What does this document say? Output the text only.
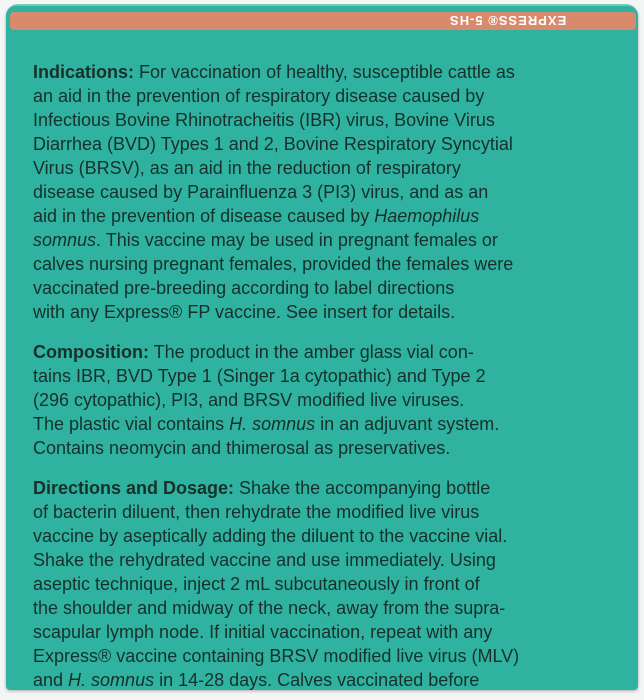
EXPRESS® 5-HS
Indications: For vaccination of healthy, susceptible cattle as
an aid in the prevention of respiratory disease caused by
Infectious Bovine Rhinotracheitis (IBR) virus, Bovine Virus
Diarrhea (BVD) Types 1 and 2, Bovine Respiratory Syncytial
Virus (BRSV), as an aid in the reduction of respiratory
disease caused by Parainfluenza 3 (PI3) virus, and as an
aid in the prevention of disease caused by Haemophilus
somnus. This vaccine may be used in pregnant females or
calves nursing pregnant females, provided the females were
vaccinated pre-breeding according to label directions
with any Express® FP vaccine. See insert for details.
Composition: The product in the amber glass vial con-
tains IBR, BVD Type 1 (Singer 1a cytopathic) and Type 2
(296 cytopathic), PI3, and BRSV modified live viruses.
The plastic vial contains H. somnus in an adjuvant system.
Contains neomycin and thimerosal as preservatives.
Directions and Dosage: Shake the accompanying bottle
of bacterin diluent, then rehydrate the modified live virus
vaccine by aseptically adding the diluent to the vaccine vial.
Shake the rehydrated vaccine and use immediately. Using
aseptic technique, inject 2 mL subcutaneously in front of
the shoulder and midway of the neck, away from the supra-
scapular lymph node. If initial vaccination, repeat with any
Express® vaccine containing BRSV modified live virus (MLV)
and H. somnus in 14-28 days. Calves vaccinated before
